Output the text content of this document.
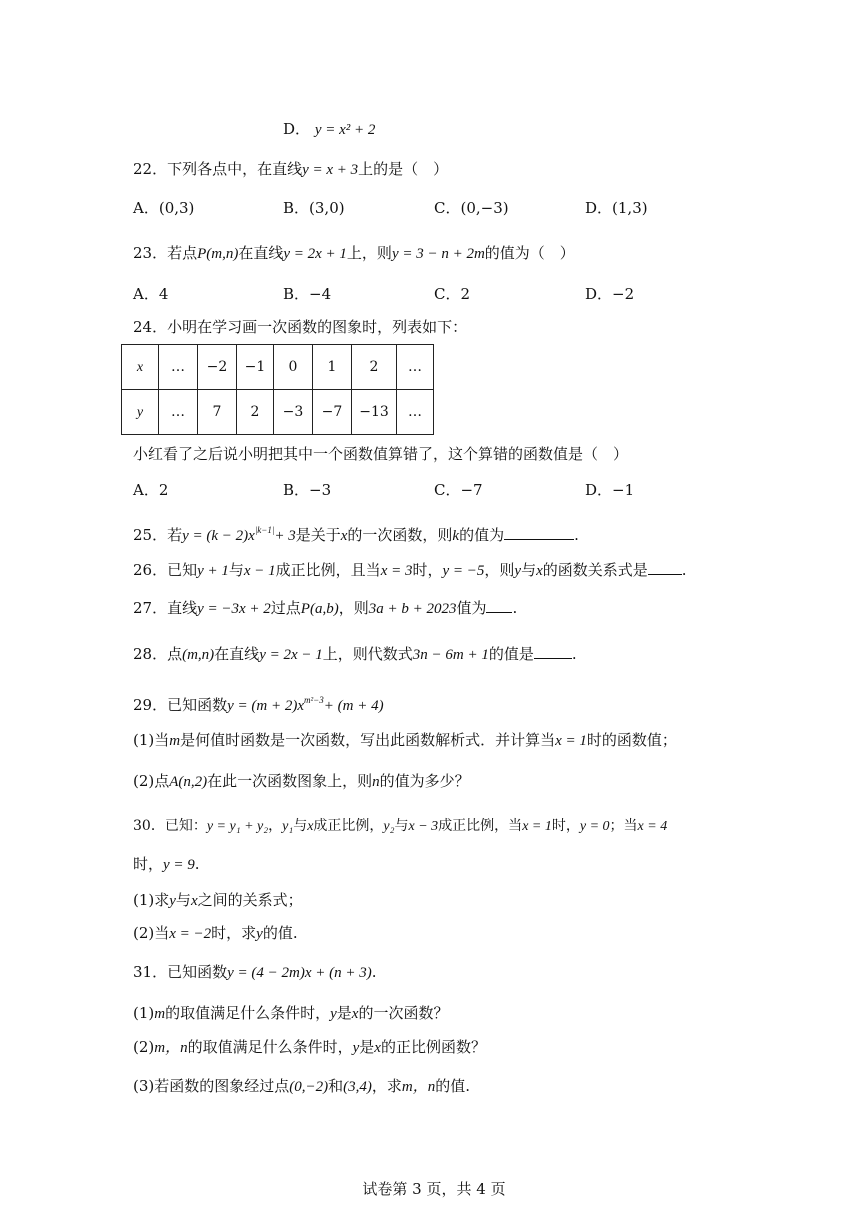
D． y = x² + 2
22．下列各点中，在直线y = x + 3上的是（　）
A．(0,3)	B．(3,0)	C．(0,−3)	D．(1,3)
23．若点P(m,n)在直线y = 2x + 1上，则y = 3 − n + 2m的值为（　）
A．4	B．−4	C．2	D．−2
24．小明在学习画一次函数的图象时，列表如下：
x	…	−2	−1	0	1	2	…
y	…	7	2	−3	−7	−13	…
小红看了之后说小明把其中一个函数值算错了，这个算错的函数值是（　）
A．2	B．−3	C．−7	D．−1
25．若$y = (k - 2)x^{|k-1|}+ 3$是关于x的一次函数，则k的值为	.
26．已知y + 1与x − 1成正比例，且当x = 3时，y = −5，则y与x的函数关系式是 .
27．直线y = −3x + 2过点P(a,b)，则3a + b + 2023值为 .
28．点(m,n)在直线y = 2x − 1上，则代数式3n − 6m + 1的值是	.
29．已知函数$y = (m + 2)x^{m^2-3}+ (m + 4)$
(1)当m是何值时函数是一次函数，写出此函数解析式．并计算当x = 1时的函数值；
(2)点A(n,2)在此一次函数图象上，则n的值为多少？
30．已知：y = y₁ + y₂，y₁与x成正比例，y₂与x − 3成正比例，当x = 1时，y = 0；当x = 4
时，y = 9.
(1)求y与x之间的关系式；
(2)当x = −2时，求y的值.
31．已知函数y = (4 − 2m)x + (n + 3).
(1)m的取值满足什么条件时，y是x的一次函数？
(2)m，n的取值满足什么条件时，y是x的正比例函数？
(3)若函数的图象经过点(0,−2)和(3,4)，求m，n的值.
试卷第 3 页，共 4 页
